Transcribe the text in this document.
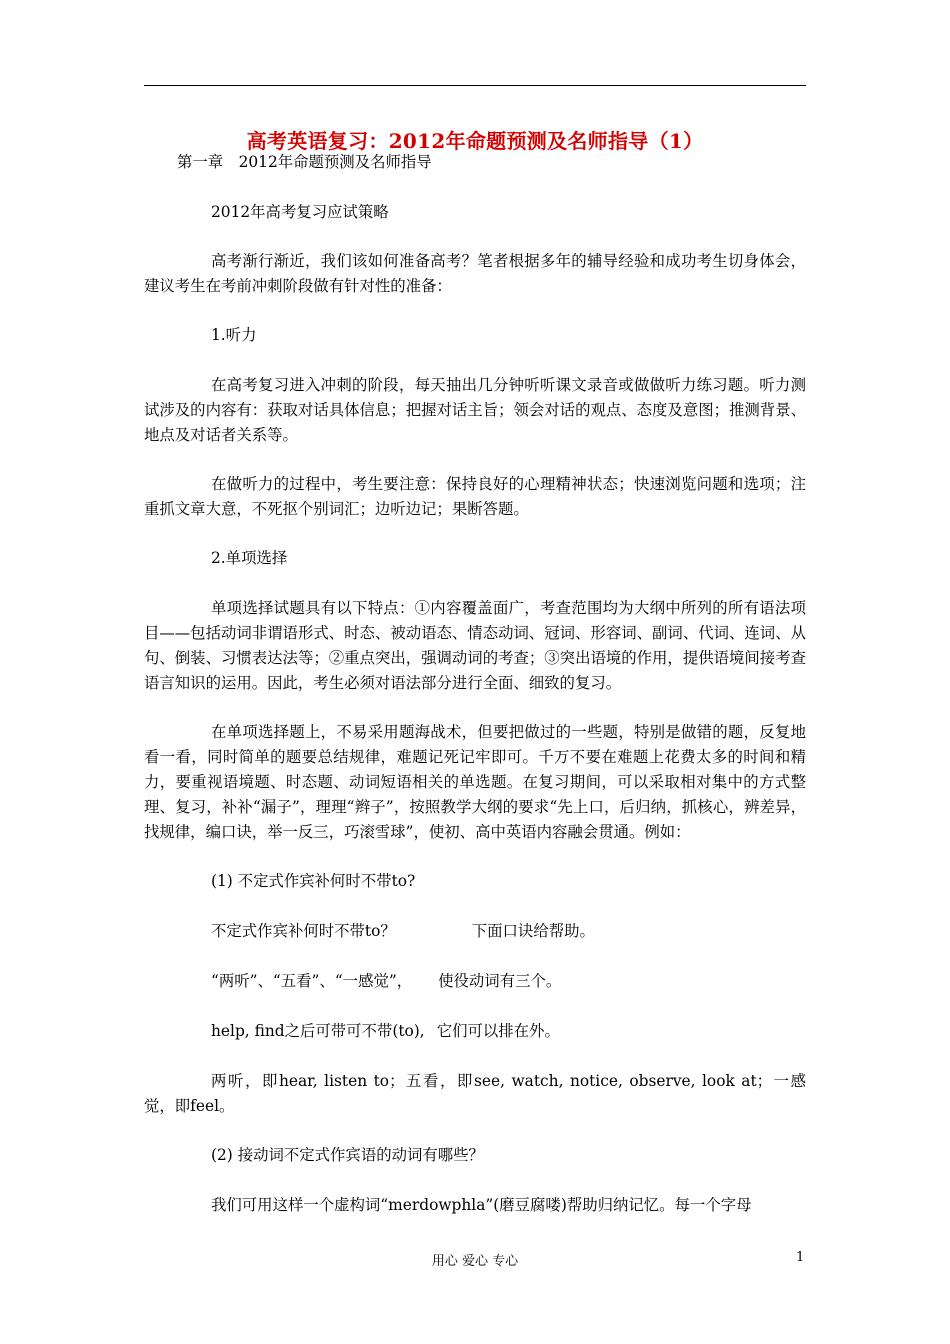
高考英语复习：2012年命题预测及名师指导（1）

第一章　2012年命题预测及名师指导

2012年高考复习应试策略

高考渐行渐近，我们该如何准备高考？笔者根据多年的辅导经验和成功考生切身体会，建议考生在考前冲刺阶段做有针对性的准备：

1.听力

在高考复习进入冲刺的阶段，每天抽出几分钟听听课文录音或做做听力练习题。听力测试涉及的内容有：获取对话具体信息；把握对话主旨；领会对话的观点、态度及意图；推测背景、地点及对话者关系等。

在做听力的过程中，考生要注意：保持良好的心理精神状态；快速浏览问题和选项；注重抓文章大意，不死抠个别词汇；边听边记；果断答题。

2.单项选择

单项选择试题具有以下特点：①内容覆盖面广，考查范围均为大纲中所列的所有语法项目——包括动词非谓语形式、时态、被动语态、情态动词、冠词、形容词、副词、代词、连词、从句、倒装、习惯表达法等；②重点突出，强调动词的考查；③突出语境的作用，提供语境间接考查语言知识的运用。因此，考生必须对语法部分进行全面、细致的复习。

在单项选择题上，不易采用题海战术，但要把做过的一些题，特别是做错的题，反复地看一看，同时简单的题要总结规律，难题记死记牢即可。千万不要在难题上花费太多的时间和精力，要重视语境题、时态题、动词短语相关的单选题。在复习期间，可以采取相对集中的方式整理、复习，补补“漏子”，理理“辫子”，按照教学大纲的要求“先上口，后归纳，抓核心，辨差异，找规律，编口诀，举一反三，巧滚雪球”，使初、高中英语内容融会贯通。例如：

(1) 不定式作宾补何时不带to?

不定式作宾补何时不带to？	下面口诀给帮助。

“两听”、“五看”、“一感觉”， 使役动词有三个。

help, find之后可带可不带(to), 它们可以排在外。

两听，即hear, listen to；五看，即see, watch, notice, observe, look at；一感觉，即feel。

(2) 接动词不定式作宾语的动词有哪些？

我们可用这样一个虚构词“merdowphla”(磨豆腐喽)帮助归纳记忆。每一个字母

用心 爱心 专心	1
